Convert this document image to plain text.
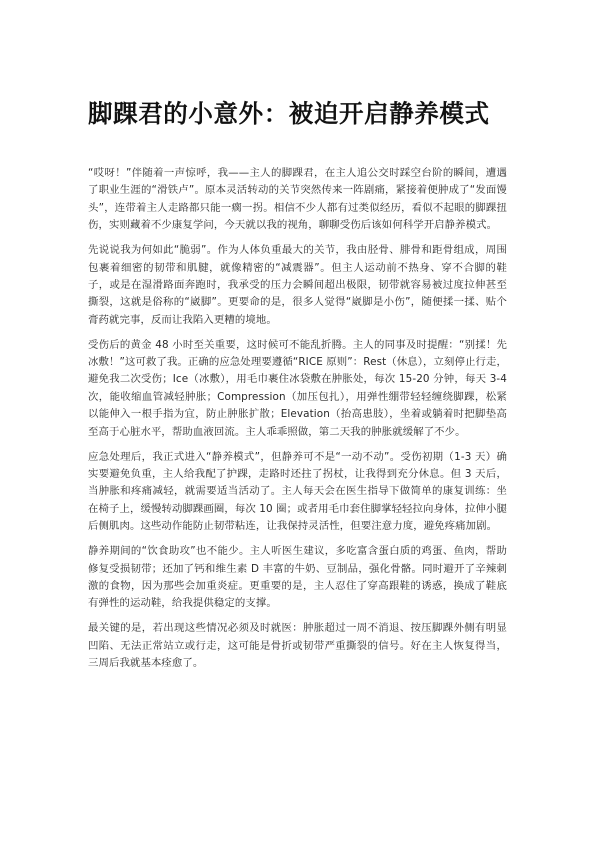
脚踝君的小意外：被迫开启静养模式

“哎呀！”伴随着一声惊呼，我——主人的脚踝君，在主人追公交时踩空台阶的瞬间，遭遇了职业生涯的“滑铁卢”。原本灵活转动的关节突然传来一阵剧痛，紧接着便肿成了“发面馒头”，连带着主人走路都只能一瘸一拐。相信不少人都有过类似经历，看似不起眼的脚踝扭伤，实则藏着不少康复学问，今天就以我的视角，聊聊受伤后该如何科学开启静养模式。

先说说我为何如此“脆弱”。作为人体负重最大的关节，我由胫骨、腓骨和距骨组成，周围包裹着细密的韧带和肌腱，就像精密的“减震器”。但主人运动前不热身、穿不合脚的鞋子，或是在湿滑路面奔跑时，我承受的压力会瞬间超出极限，韧带就容易被过度拉伸甚至撕裂，这就是俗称的“崴脚”。更要命的是，很多人觉得“崴脚是小伤”，随便揉一揉、贴个膏药就完事，反而让我陷入更糟的境地。

受伤后的黄金 48 小时至关重要，这时候可不能乱折腾。主人的同事及时提醒：“别揉！先冰敷！”这可救了我。正确的应急处理要遵循“RICE 原则”：Rest（休息），立刻停止行走，避免我二次受伤；Ice（冰敷），用毛巾裹住冰袋敷在肿胀处，每次 15-20 分钟，每天 3-4 次，能收缩血管减轻肿胀；Compression（加压包扎），用弹性绷带轻轻缠绕脚踝，松紧以能伸入一根手指为宜，防止肿胀扩散；Elevation（抬高患肢），坐着或躺着时把脚垫高至高于心脏水平，帮助血液回流。主人乖乖照做，第二天我的肿胀就缓解了不少。

应急处理后，我正式进入“静养模式”，但静养可不是“一动不动”。受伤初期（1-3 天）确实要避免负重，主人给我配了护踝，走路时还拄了拐杖，让我得到充分休息。但 3 天后，当肿胀和疼痛减轻，就需要适当活动了。主人每天会在医生指导下做简单的康复训练：坐在椅子上，缓慢转动脚踝画圈，每次 10 圈；或者用毛巾套住脚掌轻轻拉向身体，拉伸小腿后侧肌肉。这些动作能防止韧带粘连，让我保持灵活性，但要注意力度，避免疼痛加剧。

静养期间的“饮食助攻”也不能少。主人听医生建议，多吃富含蛋白质的鸡蛋、鱼肉，帮助修复受损韧带；还加了钙和维生素 D 丰富的牛奶、豆制品，强化骨骼。同时避开了辛辣刺激的食物，因为那些会加重炎症。更重要的是，主人忍住了穿高跟鞋的诱惑，换成了鞋底有弹性的运动鞋，给我提供稳定的支撑。

最关键的是，若出现这些情况必须及时就医：肿胀超过一周不消退、按压脚踝外侧有明显凹陷、无法正常站立或行走，这可能是骨折或韧带严重撕裂的信号。好在主人恢复得当，三周后我就基本痊愈了。
